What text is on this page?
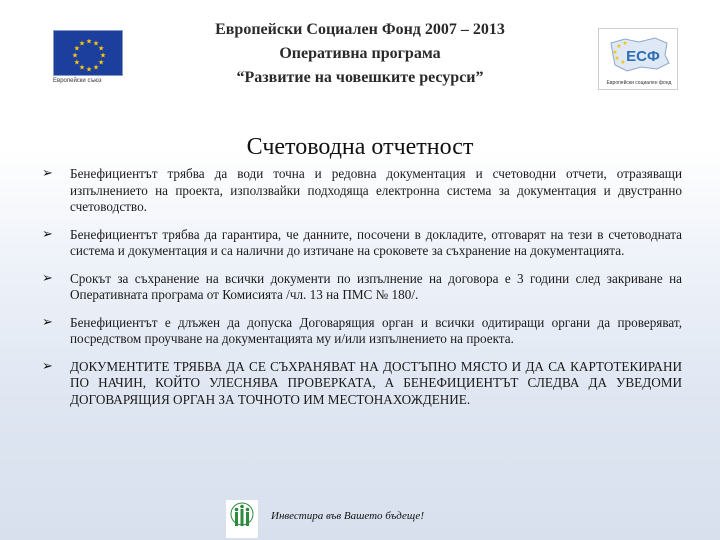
★ ★
★
★
★
★
★
★
★
★
★
★
Европейски съюз
Европейски Социален Фонд 2007 – 2013
Оперативна програма
“Развитие на човешките ресурси”
ЕСФ
★
★
★
★
★
Европейски социален фонд
Счетоводна отчетност
➢ Бенефициентът трябва да води точна и редовна документация и счетоводни отчети, отразяващи изпълнението на проекта, използвайки подходяща електронна система за документация и двустранно счетоводство.
➢ Бенефициентът трябва да гарантира, че данните, посочени в докладите, отговарят на тези в счетоводната система и документация и са налични до изтичане на сроковете за съхранение на документацията.
➢ Срокът за съхранение на всички документи по изпълнение на договора е 3 години след закриване на Оперативната програма от Комисията /чл. 13 на ПМС № 180/.
➢ Бенефициентът е длъжен да допуска Договарящия орган и всички одитиращи органи да проверяват, посредством проучване на документацията му и/или изпълнението на проекта.
➢ ДОКУМЕНТИТЕ ТРЯБВА ДА СЕ СЪХРАНЯВАТ НА ДОСТЪПНО МЯСТО И ДА СА КАРТОТЕКИРАНИ ПО НАЧИН, КОЙТО УЛЕСНЯВА ПРОВЕРКАТА, А БЕНЕФИЦИЕНТЪТ СЛЕДВА ДА УВЕДОМИ ДОГОВАРЯЩИЯ ОРГАН ЗА ТОЧНОТО ИМ МЕСТОНАХОЖДЕНИЕ.
Инвестира във Вашето бъдеще!
